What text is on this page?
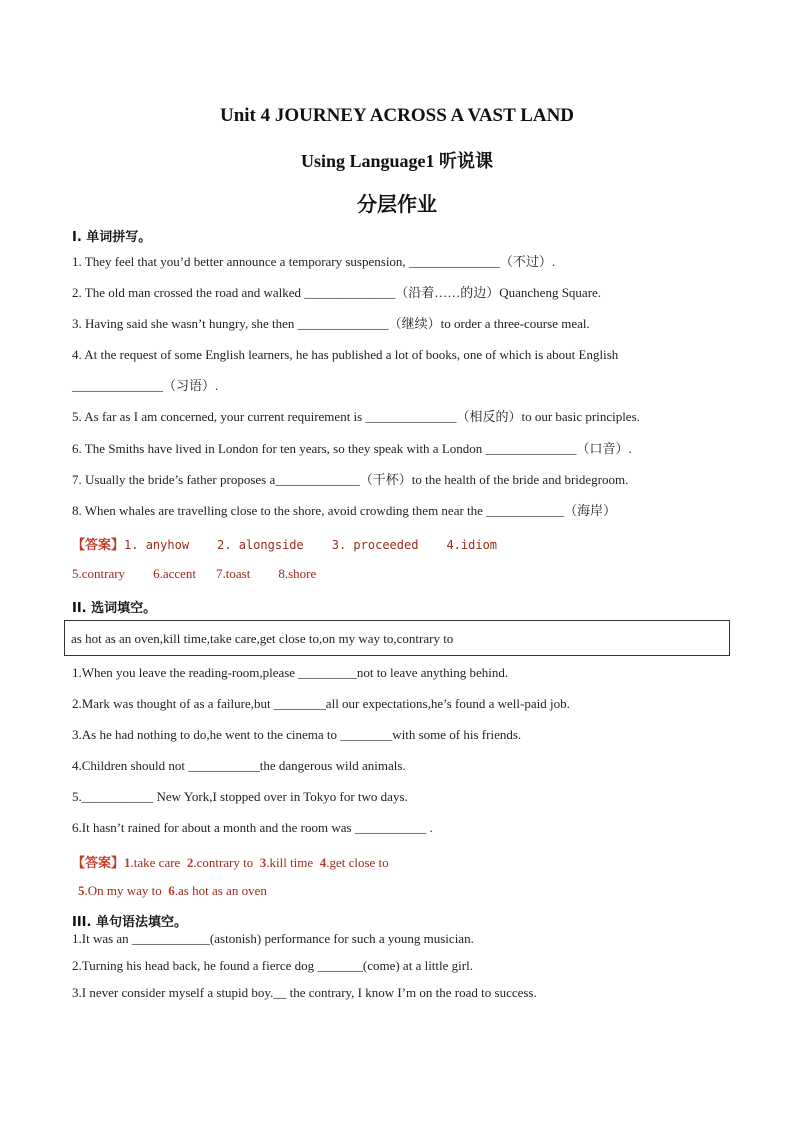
Unit 4 JOURNEY ACROSS A VAST LAND
Using Language1 听说课
分层作业
Ⅰ. 单词拼写。
1. They feel that you’d better announce a temporary suspension, ______________（不过）.
2. The old man crossed the road and walked ______________（沿着……的边）Quancheng Square.
3. Having said she wasn’t hungry, she then ______________（继续）to order a three-course meal.
4. At the request of some English learners, he has published a lot of books, one of which is about English
______________（习语）.
5. As far as I am concerned, your current requirement is ______________（相反的）to our basic principles.
6. The Smiths have lived in London for ten years, so they speak with a London ______________（口音）.
7. Usually the bride’s father proposes a_____________（干杯）to the health of the bride and bridegroom.
8. When whales are travelling close to the shore, avoid crowding them near the ____________（海岸）
【答案】1. anyhow 2. alongside 3. proceeded 4.idiom
5.contrary 6.accent 7.toast 8.shore
II. 选词填空。
as hot as an oven,kill time,take care,get close to,on my way to,contrary to
1.When you leave the reading-room,please _________not to leave anything behind.
2.Mark was thought of as a failure,but ________all our expectations,he’s found a well-paid job.
3.As he had nothing to do,he went to the cinema to ________with some of his friends.
4.Children should not ___________the dangerous wild animals.
5.___________ New York,I stopped over in Tokyo for two days.
6.It hasn’t rained for about a month and the room was ___________ .
【答案】1.take care 2.contrary to 3.kill time 4.get close to
5.On my way to 6.as hot as an oven
III. 单句语法填空。
1.It was an ____________(astonish) performance for such a young musician.
2.Turning his head back, he found a fierce dog _______(come) at a little girl.
3.I never consider myself a stupid boy.__ the contrary, I know I’m on the road to success.
